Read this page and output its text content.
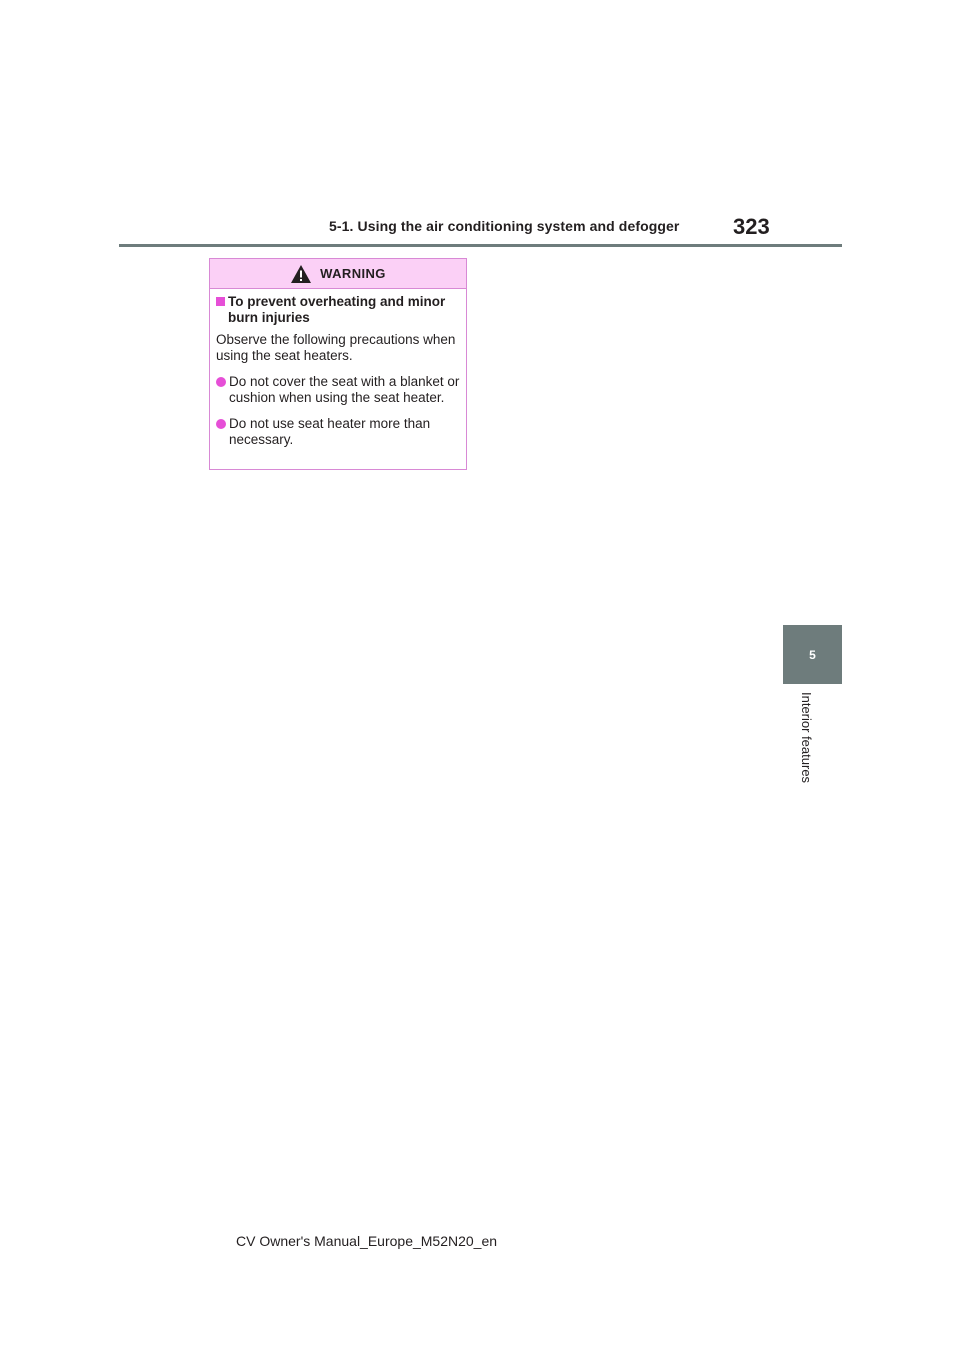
5-1. Using the air conditioning system and defogger 323
5
Interior features
WARNING
To prevent overheating and minor burn injuries
Observe the following precautions when using the seat heaters.
Do not cover the seat with a blanket or cushion when using the seat heater.
Do not use seat heater more than necessary.
CV Owner's Manual_Europe_M52N20_en
